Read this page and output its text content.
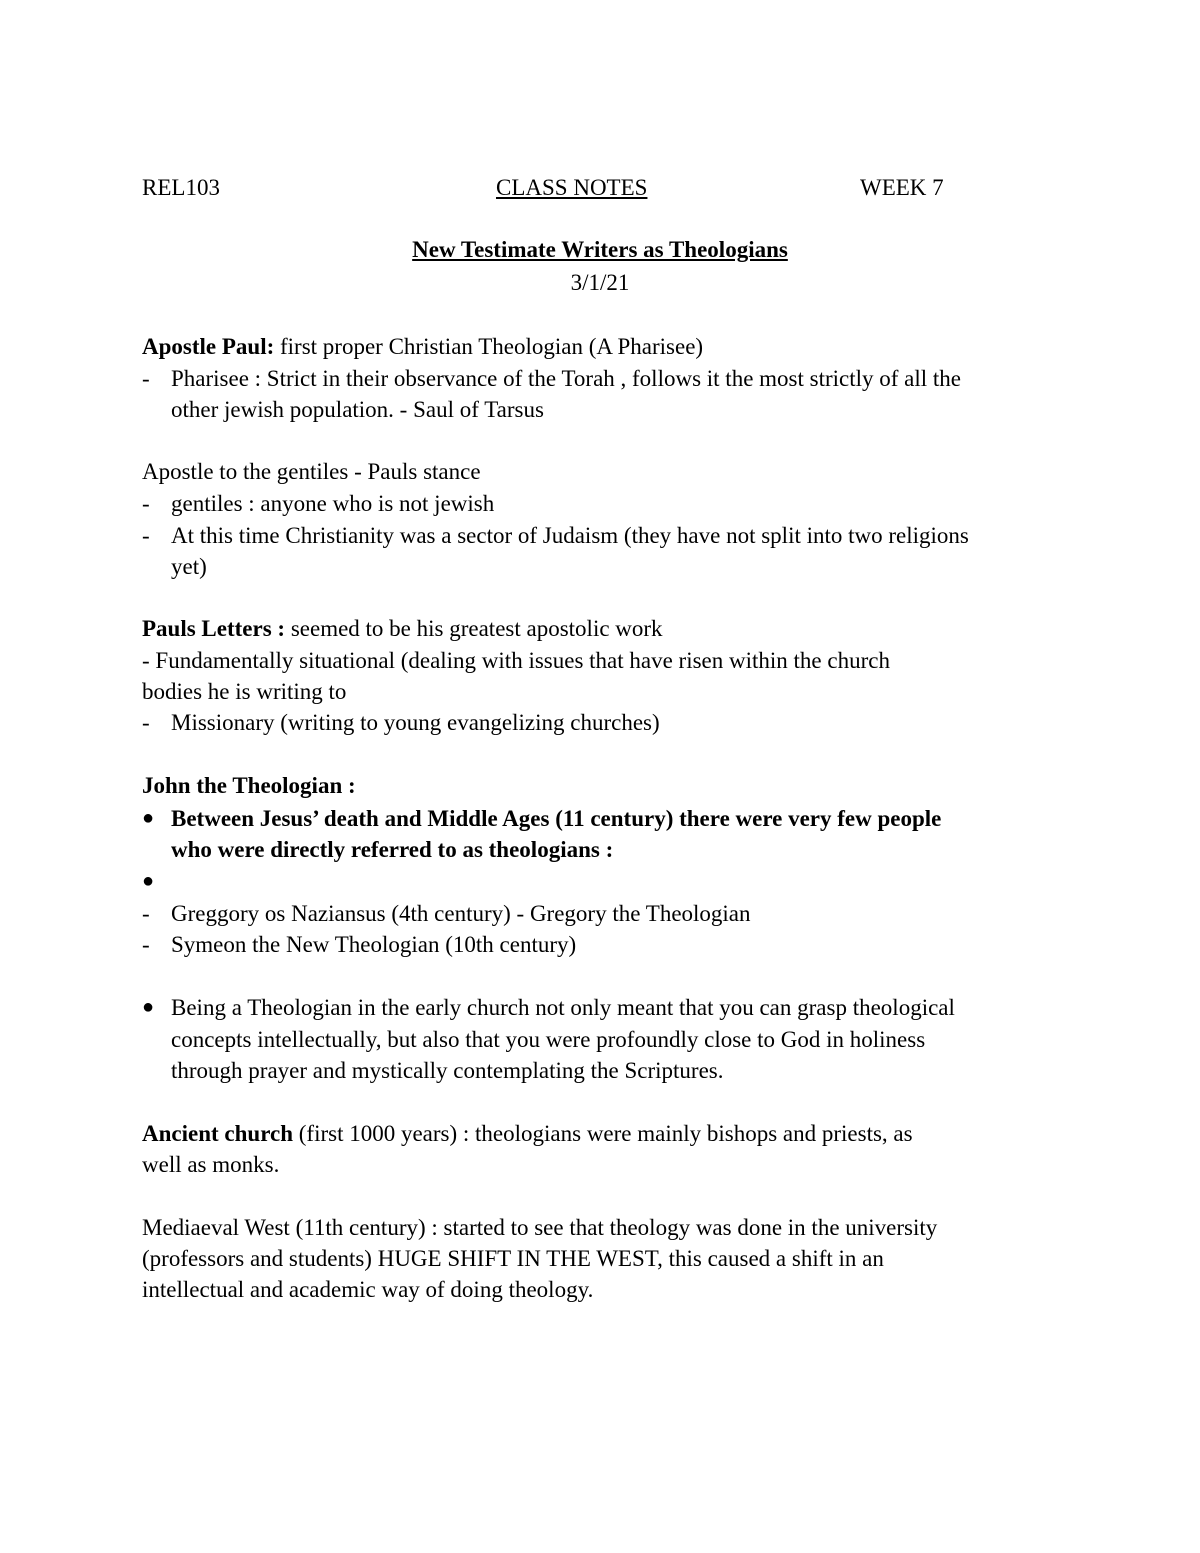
REL103	CLASS NOTES	WEEK 7
New Testimate Writers as Theologians
3/1/21
Apostle Paul: first proper Christian Theologian (A Pharisee)
- Pharisee : Strict in their observance of the Torah , follows it the most strictly of all the
other jewish population. - Saul of Tarsus
Apostle to the gentiles - Pauls stance
- gentiles : anyone who is not jewish
- At this time Christianity was a sector of Judaism (they have not split into two religions
yet)
Pauls Letters : seemed to be his greatest apostolic work
- Fundamentally situational (dealing with issues that have risen within the church
bodies he is writing to
- Missionary (writing to young evangelizing churches)
John the Theologian :
● Between Jesus’ death and Middle Ages (11 century) there were very few people
who were directly referred to as theologians :
●
- Greggory os Naziansus (4th century) - Gregory the Theologian
- Symeon the New Theologian (10th century)
● Being a Theologian in the early church not only meant that you can grasp theological
concepts intellectually, but also that you were profoundly close to God in holiness
through prayer and mystically contemplating the Scriptures.
Ancient church (first 1000 years) : theologians were mainly bishops and priests, as
well as monks.
Mediaeval West (11th century) : started to see that theology was done in the university
(professors and students) HUGE SHIFT IN THE WEST, this caused a shift in an
intellectual and academic way of doing theology.
